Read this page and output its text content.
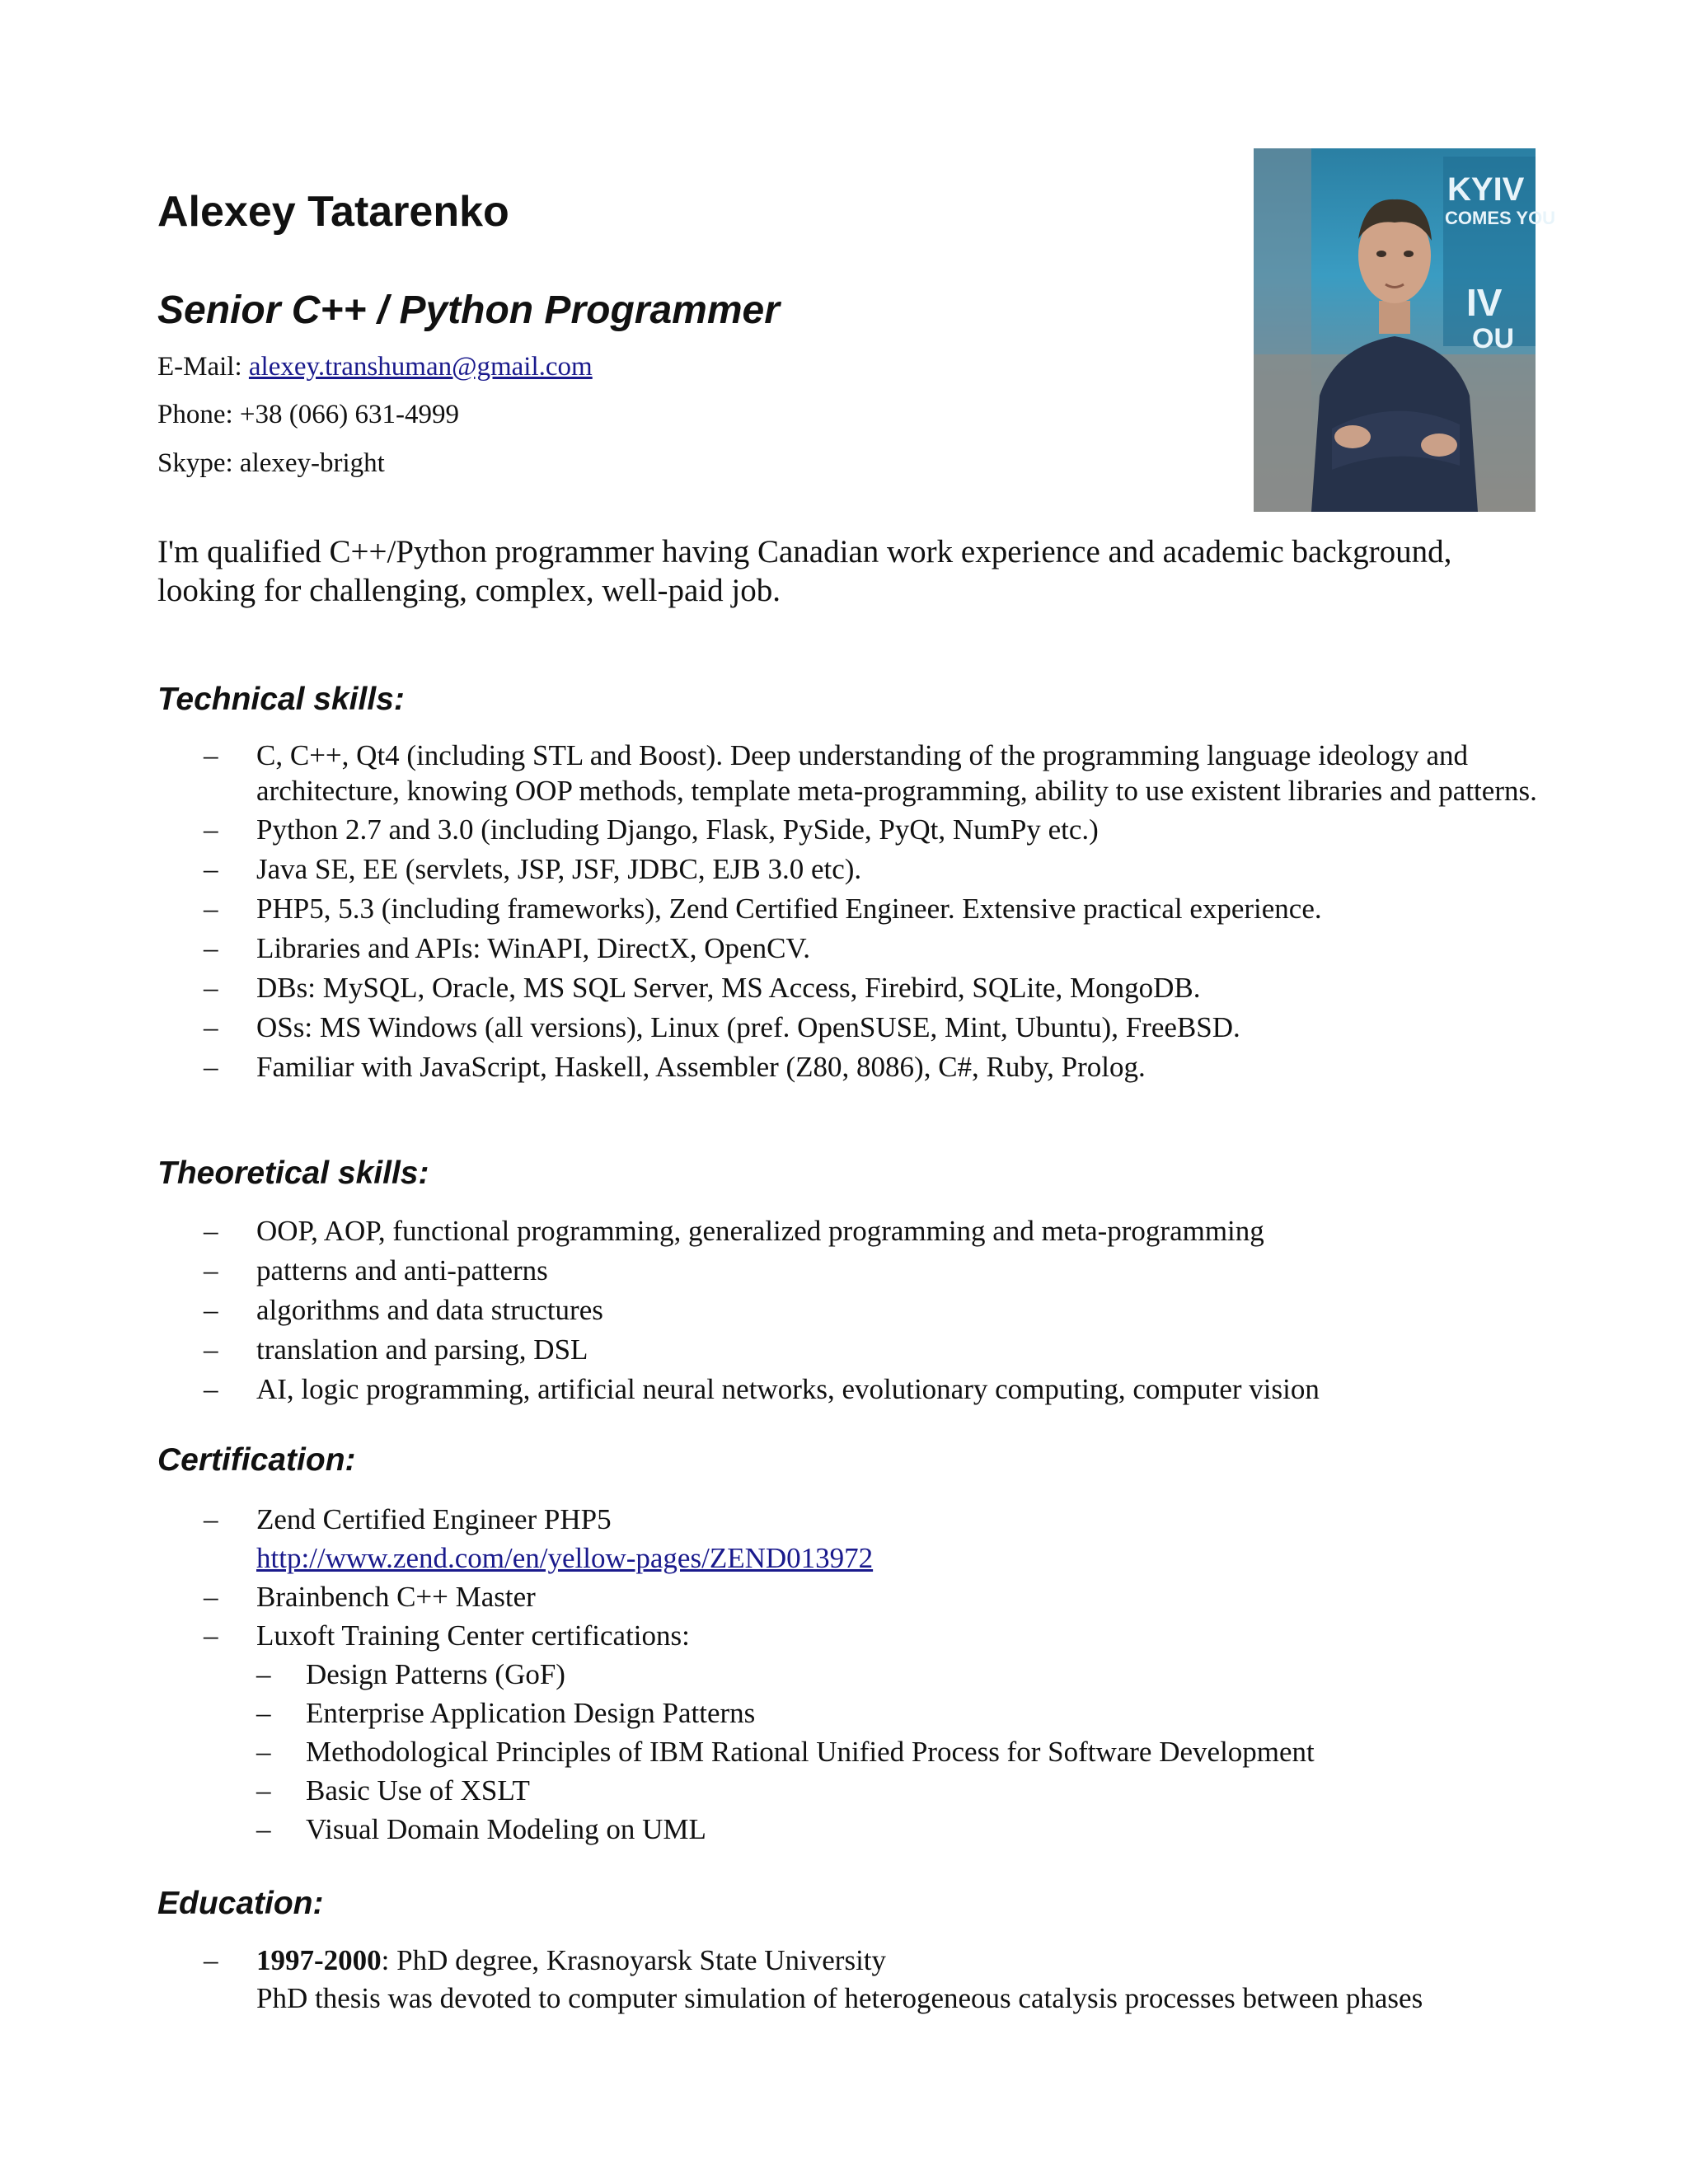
Alexey Tatarenko
Senior C++ / Python Programmer

E-Mail: alexey.transhuman@gmail.com

Phone: +38 (066) 631-4999

Skype: alexey-bright

KYIV
COMES YOU
IV
OU

I'm qualified C++/Python programmer having Canadian work experience and academic background, looking for challenging, complex, well-paid job.

Technical skills:
– C, C++, Qt4 (including STL and Boost). Deep understanding of the programming language ideology and architecture, knowing OOP methods, template meta-programming, ability to use existent libraries and patterns.
– Python 2.7 and 3.0 (including Django, Flask, PySide, PyQt, NumPy etc.)
– Java SE, EE (servlets, JSP, JSF, JDBC, EJB 3.0 etc).
– PHP5, 5.3 (including frameworks), Zend Certified Engineer. Extensive practical experience.
– Libraries and APIs: WinAPI, DirectX, OpenCV.
– DBs: MySQL, Oracle, MS SQL Server, MS Access, Firebird, SQLite, MongoDB.
– OSs: MS Windows (all versions), Linux (pref. OpenSUSE, Mint, Ubuntu), FreeBSD.
– Familiar with JavaScript, Haskell, Assembler (Z80, 8086), C#, Ruby, Prolog.
Theoretical skills:
– OOP, AOP, functional programming, generalized programming and meta-programming
– patterns and anti-patterns
– algorithms and data structures
– translation and parsing, DSL
– AI, logic programming, artificial neural networks, evolutionary computing, computer vision
Certification:
– Zend Certified Engineer PHP5
http://www.zend.com/en/yellow-pages/ZEND013972
– Brainbench C++ Master
– Luxoft Training Center certifications:
– Design Patterns (GoF)
– Enterprise Application Design Patterns
– Methodological Principles of IBM Rational Unified Process for Software Development
– Basic Use of XSLT
– Visual Domain Modeling on UML
Education:
– 1997-2000: PhD degree, Krasnoyarsk State University
PhD thesis was devoted to computer simulation of heterogeneous catalysis processes between phases
